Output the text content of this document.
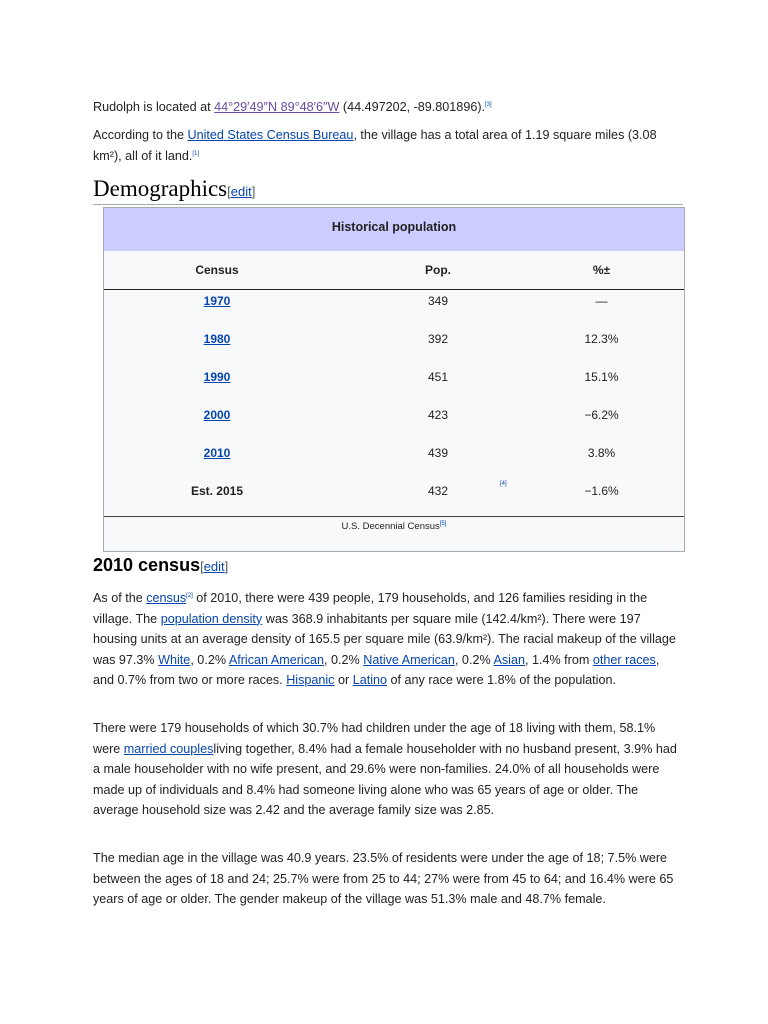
Rudolph is located at 44°29′49″N 89°48′6″W (44.497202, -89.801896).[3]

According to the United States Census Bureau, the village has a total area of 1.19 square miles (3.08 km²), all of it land.[1]

Demographics[edit]
Historical population
Census	Pop.	%±
1970	349	—
1980	392	12.3%
1990	451	15.1%
2000	423	−6.2%
2010	439	3.8%
Est. 2015	432	[4]	−1.6%
U.S. Decennial Census[5]
2010 census[edit]

As of the census[2] of 2010, there were 439 people, 179 households, and 126 families residing in the village. The population density was 368.9 inhabitants per square mile (142.4/km²). There were 197 housing units at an average density of 165.5 per square mile (63.9/km²). The racial makeup of the village was 97.3% White, 0.2% African American, 0.2% Native American, 0.2% Asian, 1.4% from other races, and 0.7% from two or more races. Hispanic or Latino of any race were 1.8% of the population.

There were 179 households of which 30.7% had children under the age of 18 living with them, 58.1% were married couplesliving together, 8.4% had a female householder with no husband present, 3.9% had a male householder with no wife present, and 29.6% were non-families. 24.0% of all households were made up of individuals and 8.4% had someone living alone who was 65 years of age or older. The average household size was 2.42 and the average family size was 2.85.

The median age in the village was 40.9 years. 23.5% of residents were under the age of 18; 7.5% were between the ages of 18 and 24; 25.7% were from 25 to 44; 27% were from 45 to 64; and 16.4% were 65 years of age or older. The gender makeup of the village was 51.3% male and 48.7% female.
